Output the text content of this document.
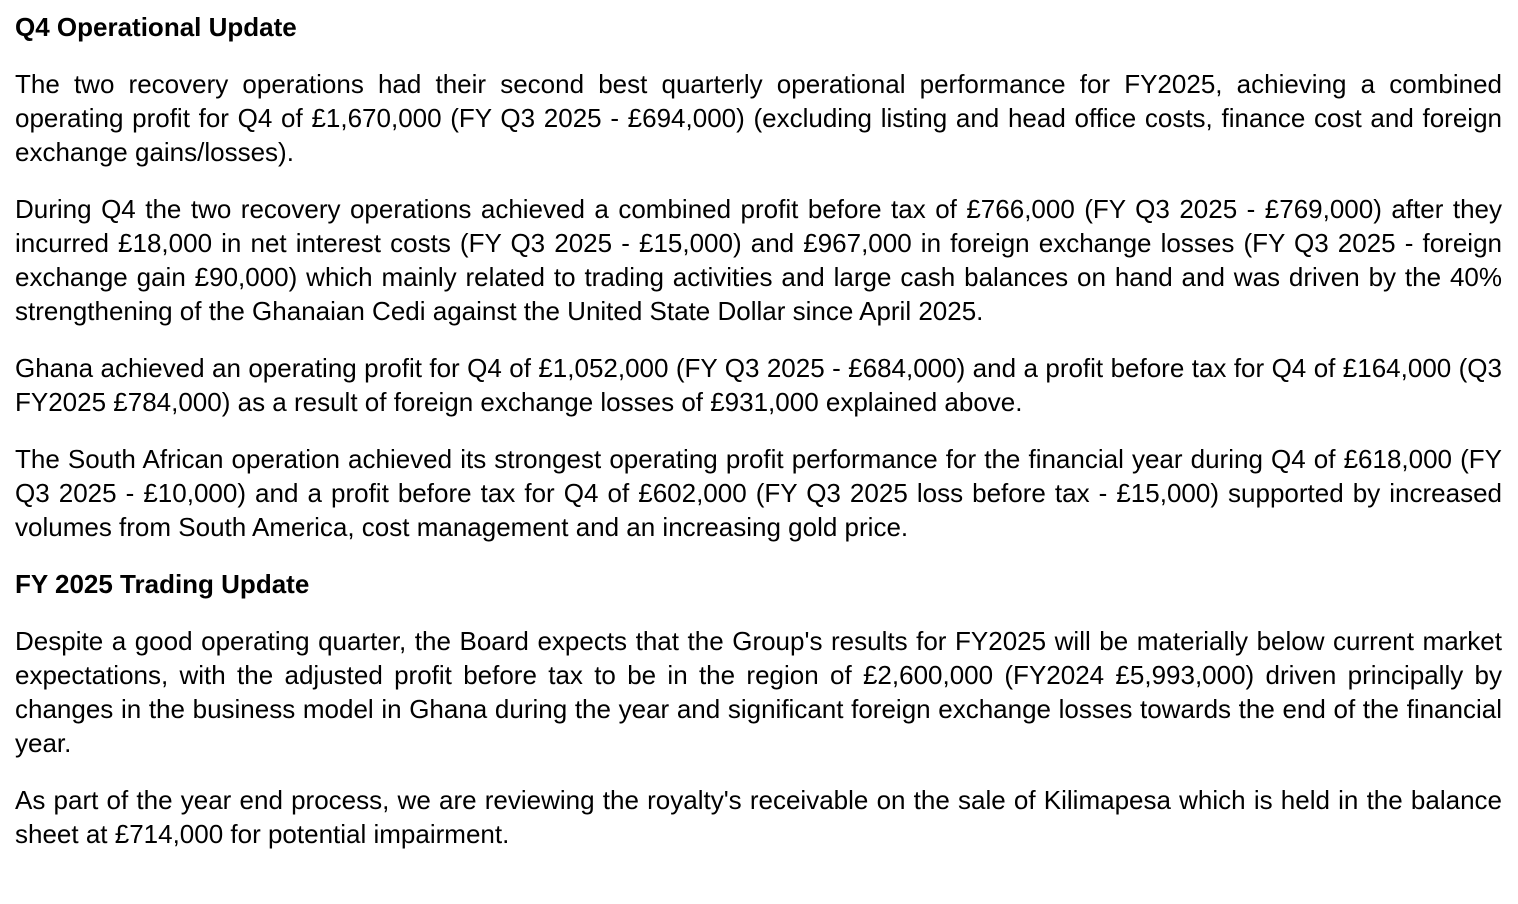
Q4 Operational Update

The two recovery operations had their second best quarterly operational performance for FY2025, achieving a combined operating profit for Q4 of £1,670,000 (FY Q3 2025 - £694,000) (excluding listing and head office costs, finance cost and foreign exchange gains/losses).

During Q4 the two recovery operations achieved a combined profit before tax of £766,000 (FY Q3 2025 - £769,000) after they incurred £18,000 in net interest costs (FY Q3 2025 - £15,000) and £967,000 in foreign exchange losses (FY Q3 2025 - foreign exchange gain £90,000) which mainly related to trading activities and large cash balances on hand and was driven by the 40% strengthening of the Ghanaian Cedi against the United State Dollar since April 2025.

Ghana achieved an operating profit for Q4 of £1,052,000 (FY Q3 2025 - £684,000) and a profit before tax for Q4 of £164,000 (Q3 FY2025 £784,000) as a result of foreign exchange losses of £931,000 explained above.

The South African operation achieved its strongest operating profit performance for the financial year during Q4 of £618,000 (FY Q3 2025 - £10,000) and a profit before tax for Q4 of £602,000 (FY Q3 2025 loss before tax - £15,000) supported by increased volumes from South America, cost management and an increasing gold price.

FY 2025 Trading Update

Despite a good operating quarter, the Board expects that the Group's results for FY2025 will be materially below current market expectations, with the adjusted profit before tax to be in the region of £2,600,000 (FY2024 £5,993,000) driven principally by changes in the business model in Ghana during the year and significant foreign exchange losses towards the end of the financial year.

As part of the year end process, we are reviewing the royalty's receivable on the sale of Kilimapesa which is held in the balance sheet at £714,000 for potential impairment.
